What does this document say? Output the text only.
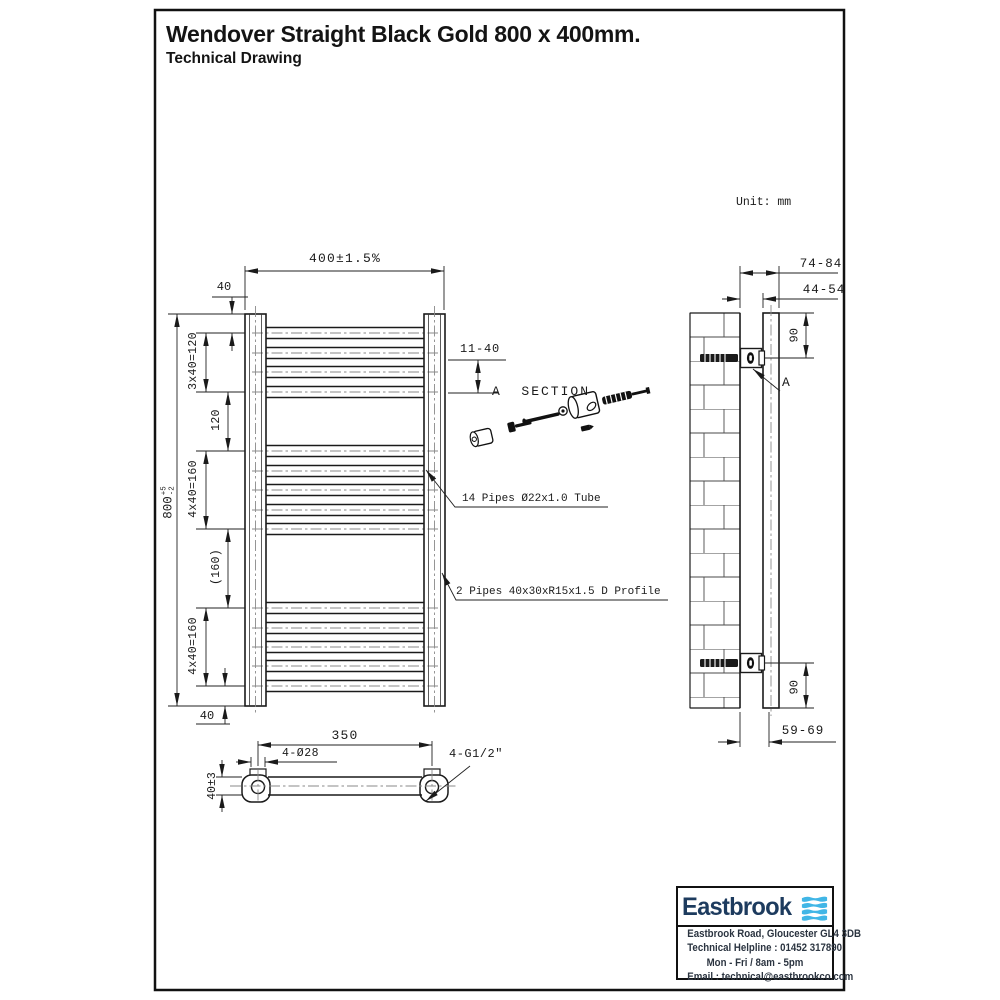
Wendover Straight Black Gold 800 x 400mm.
Technical Drawing
Unit: mm
400±1.5%
40
40
3x40=120
120
4x40=160
(160)
4x40=160
800
+5 -2
11-40
A  SECTION
14 Pipes Ø22x1.0 Tube
2 Pipes 40x30xR15x1.5 D Profile
74-84
44-54
90
90
59-69
A
350
4-Ø28	4-G1/2″
40±3
Eastbrook
Eastbrook Road, Gloucester GL4 3DB
Technical Helpline : 01452 317890
Mon - Fri / 8am - 5pm
Email : technical@eastbrookco.com
